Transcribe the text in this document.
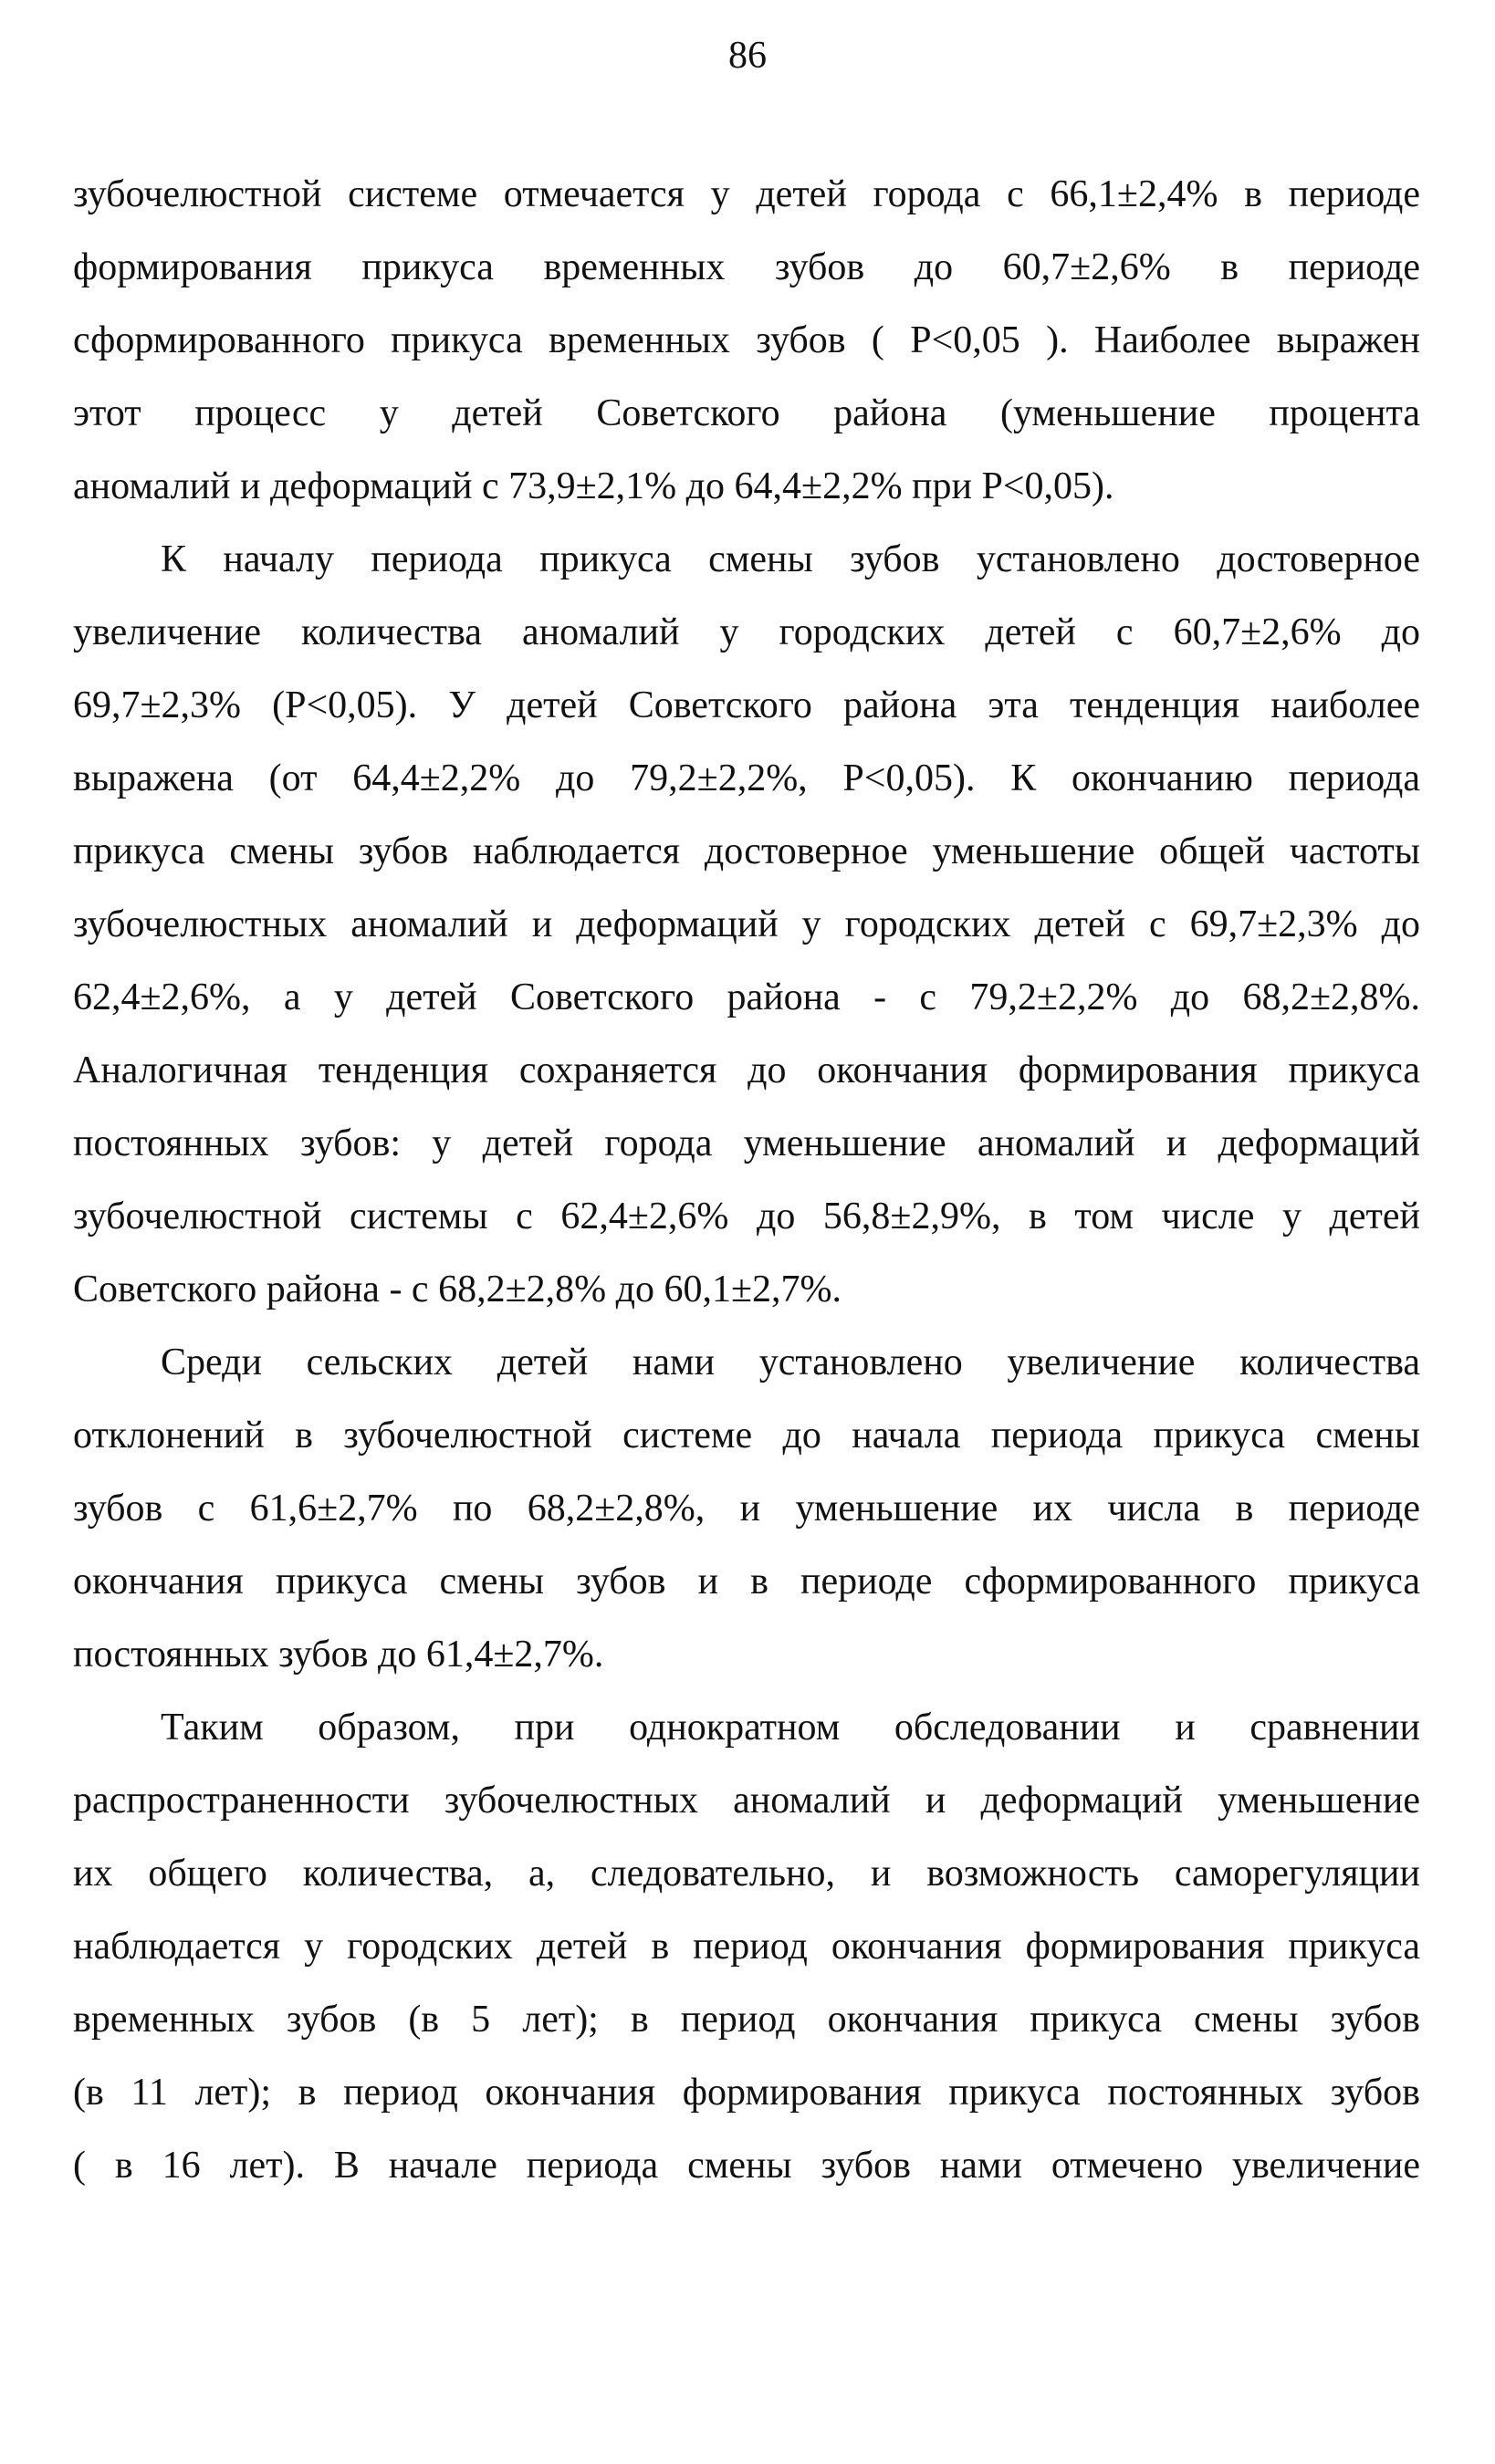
86

зубочелюстной системе отмечается у детей города с 66,1±2,4% в периоде
формирования прикуса временных зубов до 60,7±2,6% в периоде
сформированного прикуса временных зубов ( Р<0,05 ). Наиболее выражен
этот процесс у детей Советского района (уменьшение процента
аномалий и деформаций с 73,9±2,1% до 64,4±2,2% при Р<0,05).

К началу периода прикуса смены зубов установлено достоверное
увеличение количества аномалий у городских детей с 60,7±2,6% до
69,7±2,3% (Р<0,05). У детей Советского района эта тенденция наиболее
выражена (от 64,4±2,2% до 79,2±2,2%, Р<0,05). К окончанию периода
прикуса смены зубов наблюдается достоверное уменьшение общей частоты
зубочелюстных аномалий и деформаций у городских детей с 69,7±2,3% до
62,4±2,6%, а у детей Советского района - с 79,2±2,2% до 68,2±2,8%.
Аналогичная тенденция сохраняется до окончания формирования прикуса
постоянных зубов: у детей города уменьшение аномалий и деформаций
зубочелюстной системы с 62,4±2,6% до 56,8±2,9%, в том числе у детей
Советского района - с 68,2±2,8% до 60,1±2,7%.

Среди сельских детей нами установлено увеличение количества
отклонений в зубочелюстной системе до начала периода прикуса смены
зубов с 61,6±2,7% по 68,2±2,8%, и уменьшение их числа в периоде
окончания прикуса смены зубов и в периоде сформированного прикуса
постоянных зубов до 61,4±2,7%.

Таким образом, при однократном обследовании и сравнении
распространенности зубочелюстных аномалий и деформаций уменьшение
их общего количества, а, следовательно, и возможность саморегуляции
наблюдается у городских детей в период окончания формирования прикуса
временных зубов (в 5 лет); в период окончания прикуса смены зубов
(в 11 лет); в период окончания формирования прикуса постоянных зубов
( в 16 лет). В начале периода смены зубов нами отмечено увеличение
